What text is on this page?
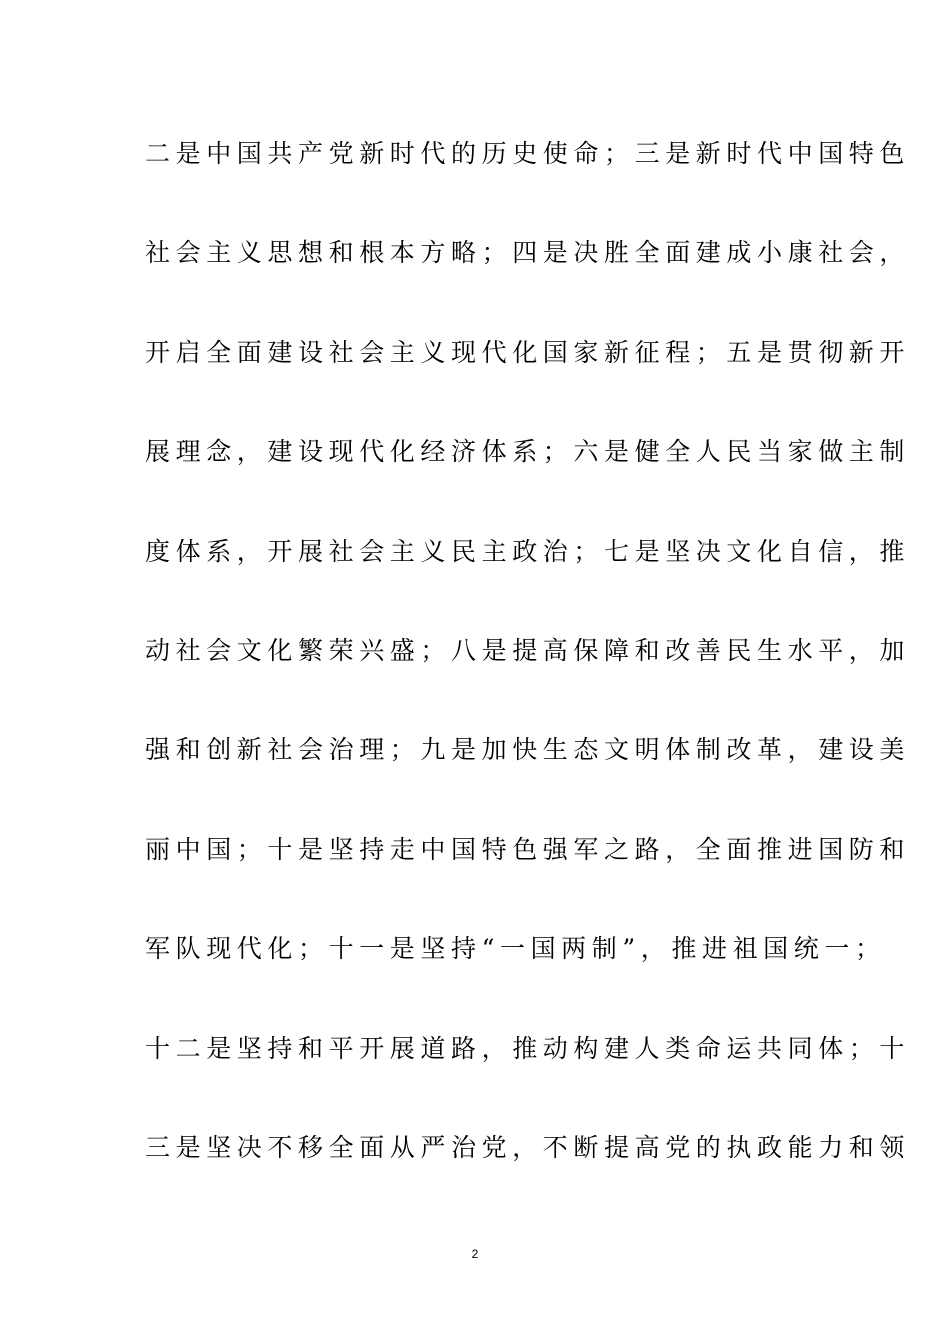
二是中国共产党新时代的历史使命；三是新时代中国特色
社会主义思想和根本方略；四是决胜全面建成小康社会，
开启全面建设社会主义现代化国家新征程；五是贯彻新开
展理念，建设现代化经济体系；六是健全人民当家做主制
度体系，开展社会主义民主政治；七是坚决文化自信，推
动社会文化繁荣兴盛；八是提高保障和改善民生水平，加
强和创新社会治理；九是加快生态文明体制改革，建设美
丽中国；十是坚持走中国特色强军之路，全面推进国防和
军队现代化；十一是坚持“一国两制”，推进祖国统一；
十二是坚持和平开展道路，推动构建人类命运共同体；十
三是坚决不移全面从严治党，不断提高党的执政能力和领
2
